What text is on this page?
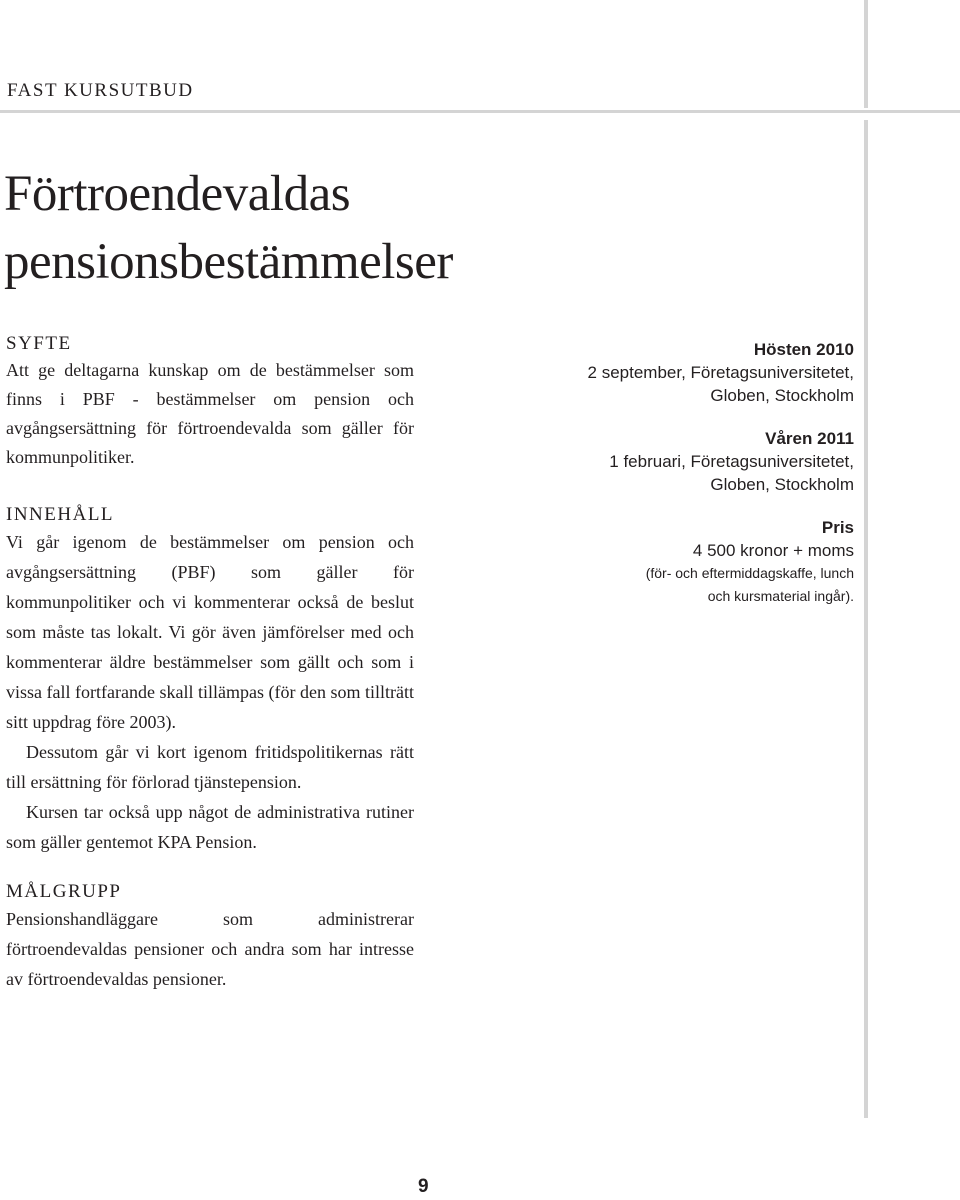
FAST KURSUTBUD
Förtroendevaldas
pensionsbestämmelser
SYFTE

Att ge deltagarna kunskap om de bestämmelser som finns i PBF - bestämmelser om pension och avgångsersättning för förtroendevalda som gäller för kommunpolitiker.

INNEHÅLL

Vi går igenom de bestämmelser om pension och avgångsersättning (PBF) som gäller för kommunpolitiker och vi kommenterar också de beslut som måste tas lokalt. Vi gör även jämförelser med och kommenterar äldre bestämmelser som gällt och som i vissa fall fortfarande skall tillämpas (för den som tillträtt sitt uppdrag före 2003).

Dessutom går vi kort igenom fritidspolitikernas rätt till ersättning för förlorad tjänstepension.

Kursen tar också upp något de administrativa rutiner som gäller gentemot KPA Pension.

MÅLGRUPP

Pensionshandläggare som administrerar förtroendevaldas pensioner och andra som har intresse av förtroendevaldas pensioner.

Hösten 2010
2 september, Företagsuniversitetet,
Globen, Stockholm
Våren 2011
1 februari, Företagsuniversitetet,
Globen, Stockholm
Pris
4 500 kronor + moms
(för- och eftermiddagskaffe, lunch
och kursmaterial ingår).
9
